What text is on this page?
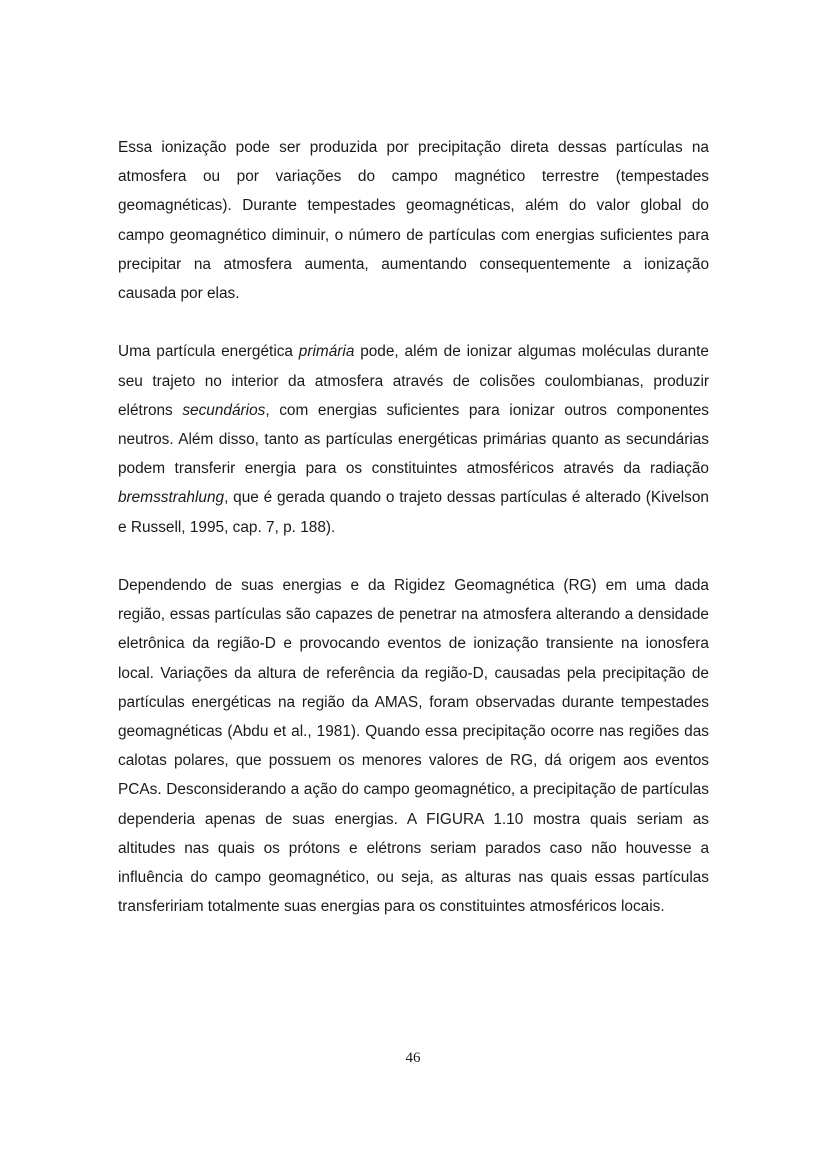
Essa ionização pode ser produzida por precipitação direta dessas partículas na atmosfera ou por variações do campo magnético terrestre (tempestades geomagnéticas). Durante tempestades geomagnéticas, além do valor global do campo geomagnético diminuir, o número de partículas com energias suficientes para precipitar na atmosfera aumenta, aumentando consequentemente a ionização causada por elas.

Uma partícula energética primária pode, além de ionizar algumas moléculas durante seu trajeto no interior da atmosfera através de colisões coulombianas, produzir elétrons secundários, com energias suficientes para ionizar outros componentes neutros. Além disso, tanto as partículas energéticas primárias quanto as secundárias podem transferir energia para os constituintes atmosféricos através da radiação bremsstrahlung, que é gerada quando o trajeto dessas partículas é alterado (Kivelson e Russell, 1995, cap. 7, p. 188).

Dependendo de suas energias e da Rigidez Geomagnética (RG) em uma dada região, essas partículas são capazes de penetrar na atmosfera alterando a densidade eletrônica da região-D e provocando eventos de ionização transiente na ionosfera local. Variações da altura de referência da região-D, causadas pela precipitação de partículas energéticas na região da AMAS, foram observadas durante tempestades geomagnéticas (Abdu et al., 1981). Quando essa precipitação ocorre nas regiões das calotas polares, que possuem os menores valores de RG, dá origem aos eventos PCAs. Desconsiderando a ação do campo geomagnético, a precipitação de partículas dependeria apenas de suas energias. A FIGURA 1.10 mostra quais seriam as altitudes nas quais os prótons e elétrons seriam parados caso não houvesse a influência do campo geomagnético, ou seja, as alturas nas quais essas partículas transfeririam totalmente suas energias para os constituintes atmosféricos locais.

46
